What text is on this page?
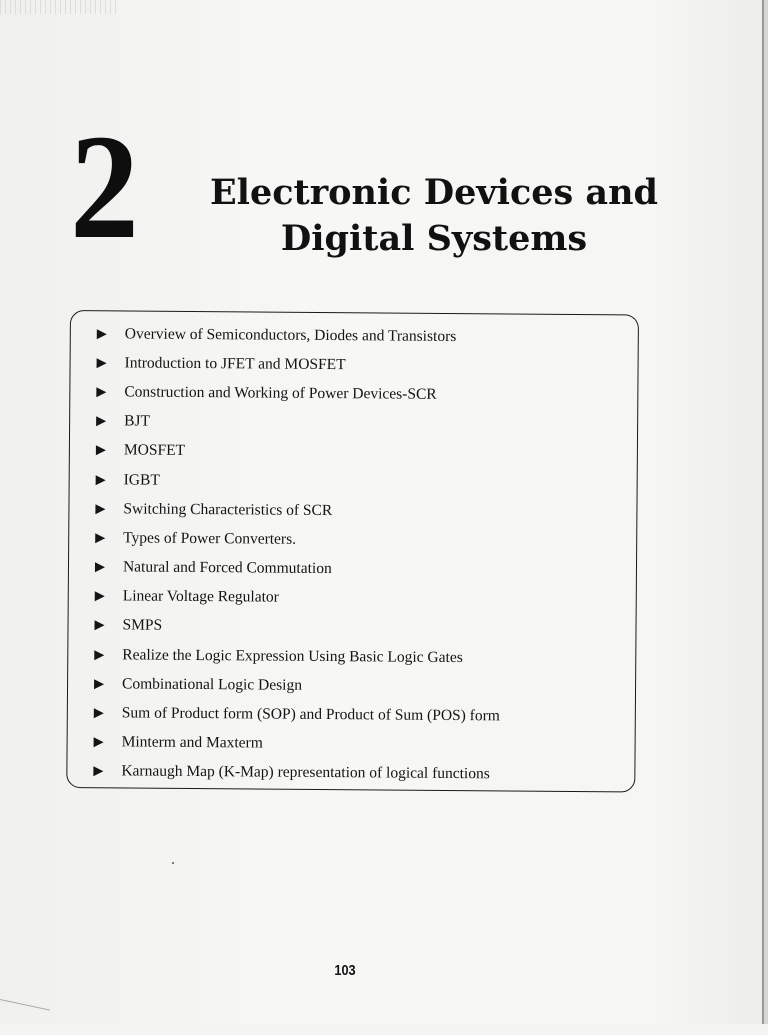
2 Electronic Devices and
Digital Systems
Overview of Semiconductors, Diodes and Transistors
Introduction to JFET and MOSFET
Construction and Working of Power Devices-SCR
BJT
MOSFET
IGBT
Switching Characteristics of SCR
Types of Power Converters.
Natural and Forced Commutation
Linear Voltage Regulator
SMPS
Realize the Logic Expression Using Basic Logic Gates
Combinational Logic Design
Sum of Product form (SOP) and Product of Sum (POS) form
Minterm and Maxterm
Karnaugh Map (K-Map) representation of logical functions
103
